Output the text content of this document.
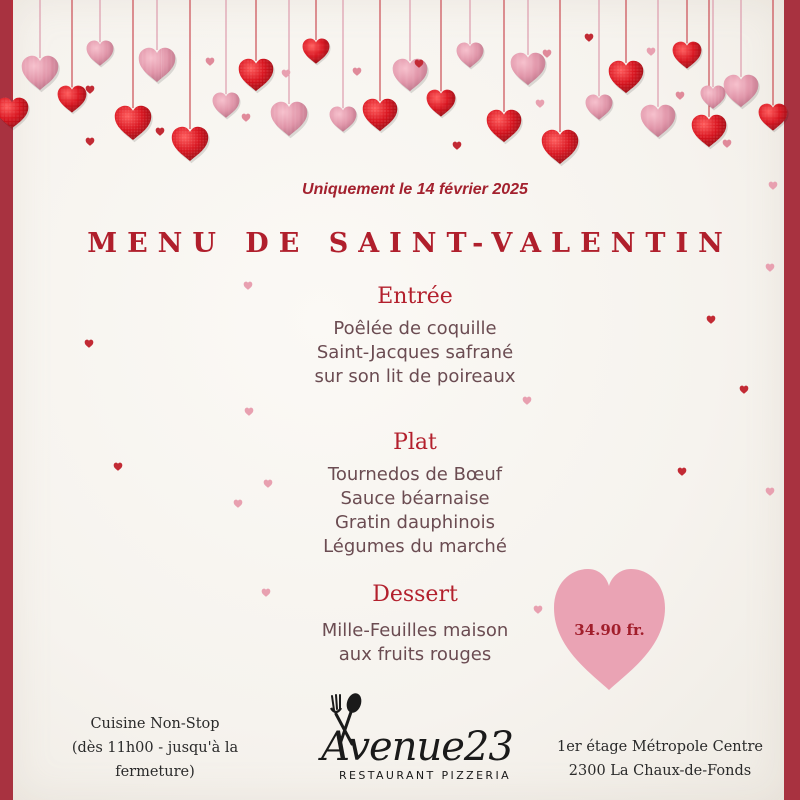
Uniquement le 14 février 2025
MENU DE SAINT-VALENTIN
Entrée
Poêlée de coquille
Saint-Jacques safrané
sur son lit de poireaux
Plat
Tournedos de Bœuf
Sauce béarnaise
Gratin dauphinois
Légumes du marché
Dessert
Mille-Feuilles maison
aux fruits rouges
34.90 fr.
Cuisine Non-Stop
(dès 11h00 - jusqu'à la
fermeture)
1er étage Métropole Centre
2300 La Chaux-de-Fonds
Avenue23
RESTAURANT PIZZERIA
